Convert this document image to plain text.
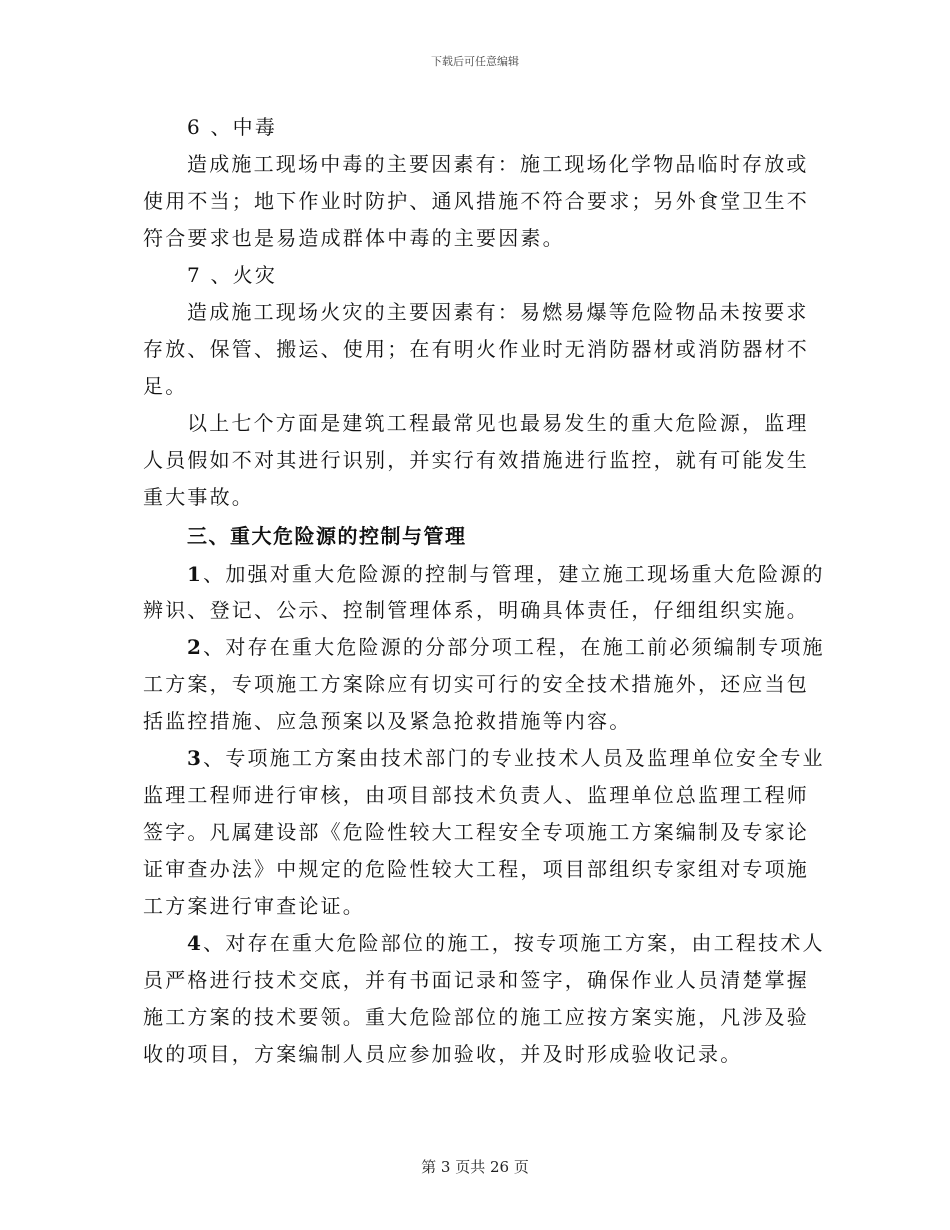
下载后可任意编辑
6 、中毒
造成施工现场中毒的主要因素有：施工现场化学物品临时存放或
使用不当；地下作业时防护、通风措施不符合要求；另外食堂卫生不
符合要求也是易造成群体中毒的主要因素。
7 、火灾
造成施工现场火灾的主要因素有：易燃易爆等危险物品未按要求
存放、保管、搬运、使用；在有明火作业时无消防器材或消防器材不
足。
以上七个方面是建筑工程最常见也最易发生的重大危险源，监理
人员假如不对其进行识别，并实行有效措施进行监控，就有可能发生
重大事故。
三、重大危险源的控制与管理
1、加强对重大危险源的控制与管理，建立施工现场重大危险源的
辨识、登记、公示、控制管理体系，明确具体责任，仔细组织实施。
2、对存在重大危险源的分部分项工程，在施工前必须编制专项施
工方案，专项施工方案除应有切实可行的安全技术措施外，还应当包
括监控措施、应急预案以及紧急抢救措施等内容。
3、专项施工方案由技术部门的专业技术人员及监理单位安全专业
监理工程师进行审核，由项目部技术负责人、监理单位总监理工程师
签字。凡属建设部《危险性较大工程安全专项施工方案编制及专家论
证审查办法》中规定的危险性较大工程，项目部组织专家组对专项施
工方案进行审查论证。
4、对存在重大危险部位的施工，按专项施工方案，由工程技术人
员严格进行技术交底，并有书面记录和签字，确保作业人员清楚掌握
施工方案的技术要领。重大危险部位的施工应按方案实施，凡涉及验
收的项目，方案编制人员应参加验收，并及时形成验收记录。
第 3 页共 26 页
